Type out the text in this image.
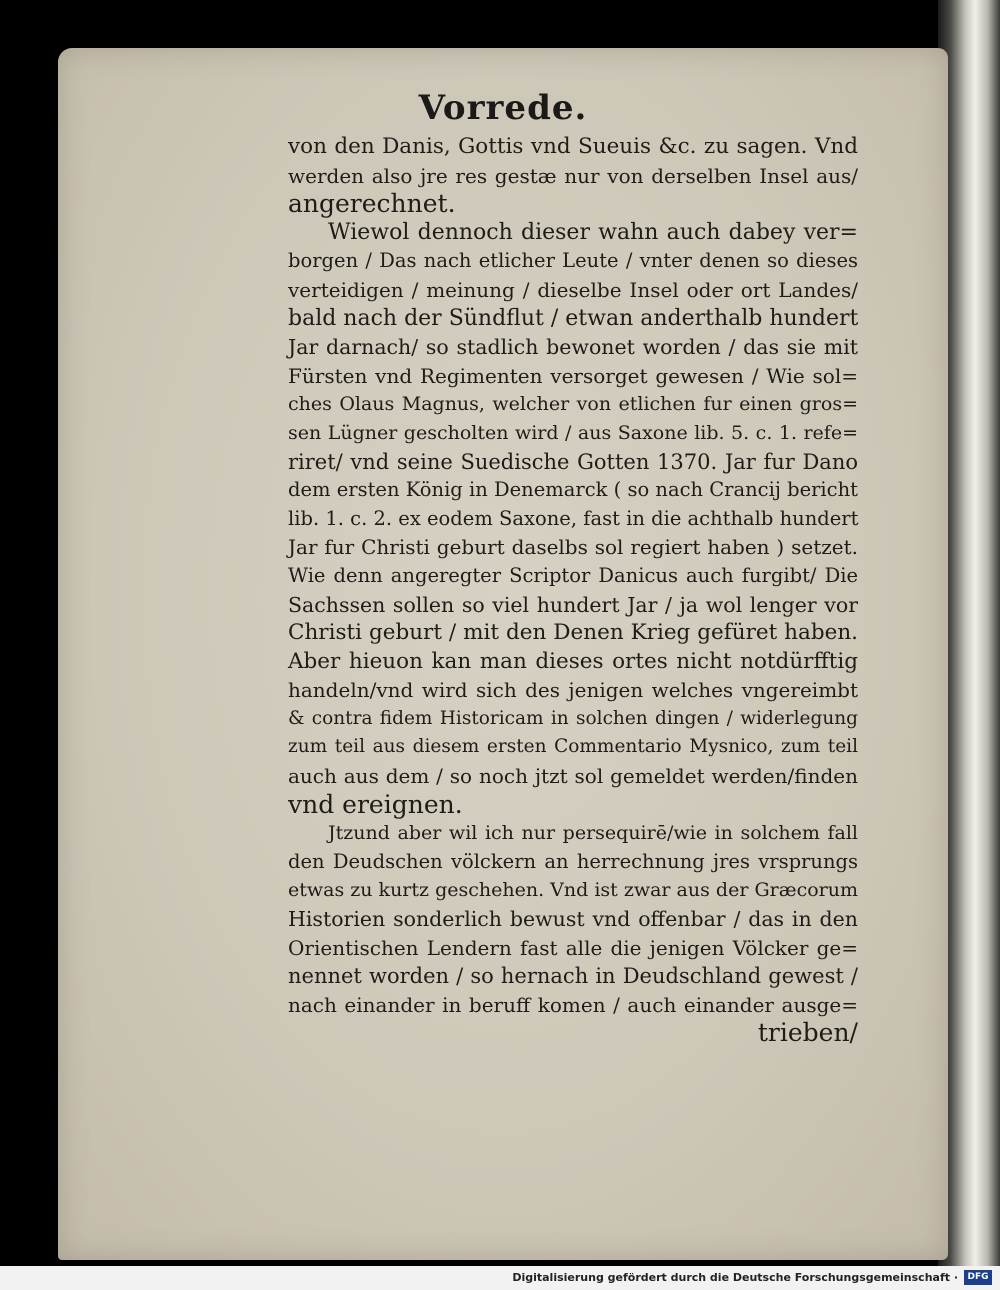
Vorrede.
von den Danis, Gottis vnd Sueuis &c. zu sagen. Vnd
werden also jre res gestæ nur von derselben Insel aus/
angerechnet.
Wiewol dennoch dieser wahn auch dabey ver=
borgen / Das nach etlicher Leute / vnter denen so dieses
verteidigen / meinung / dieselbe Insel oder ort Landes/
bald nach der Sündflut / etwan anderthalb hundert
Jar darnach/ so stadlich bewonet worden / das sie mit
Fürsten vnd Regimenten versorget gewesen / Wie sol=
ches Olaus Magnus, welcher von etlichen fur einen gros=
sen Lügner gescholten wird / aus Saxone lib. 5. c. 1. refe=
riret/ vnd seine Suedische Gotten 1370. Jar fur Dano
dem ersten König in Denemarck ( so nach Crancij bericht
lib. 1. c. 2. ex eodem Saxone, fast in die achthalb hundert
Jar fur Christi geburt daselbs sol regiert haben ) setzet.
Wie denn angeregter Scriptor Danicus auch furgibt/ Die
Sachssen sollen so viel hundert Jar / ja wol lenger vor
Christi geburt / mit den Denen Krieg gefüret haben.
Aber hieuon kan man dieses ortes nicht notdürfftig
handeln/vnd wird sich des jenigen welches vngereimbt
& contra fidem Historicam in solchen dingen / widerlegung
zum teil aus diesem ersten Commentario Mysnico, zum teil
auch aus dem / so noch jtzt sol gemeldet werden/finden
vnd ereignen.
Jtzund aber wil ich nur persequirē/wie in solchem fall
den Deudschen völckern an herrechnung jres vrsprungs
etwas zu kurtz geschehen. Vnd ist zwar aus der Græcorum
Historien sonderlich bewust vnd offenbar / das in den
Orientischen Lendern fast alle die jenigen Völcker ge=
nennet worden / so hernach in Deudschland gewest /
nach einander in beruff komen / auch einander ausge=
trieben/
Digitalisierung gefördert durch die Deutsche Forschungsgemeinschaft ·	DFG
